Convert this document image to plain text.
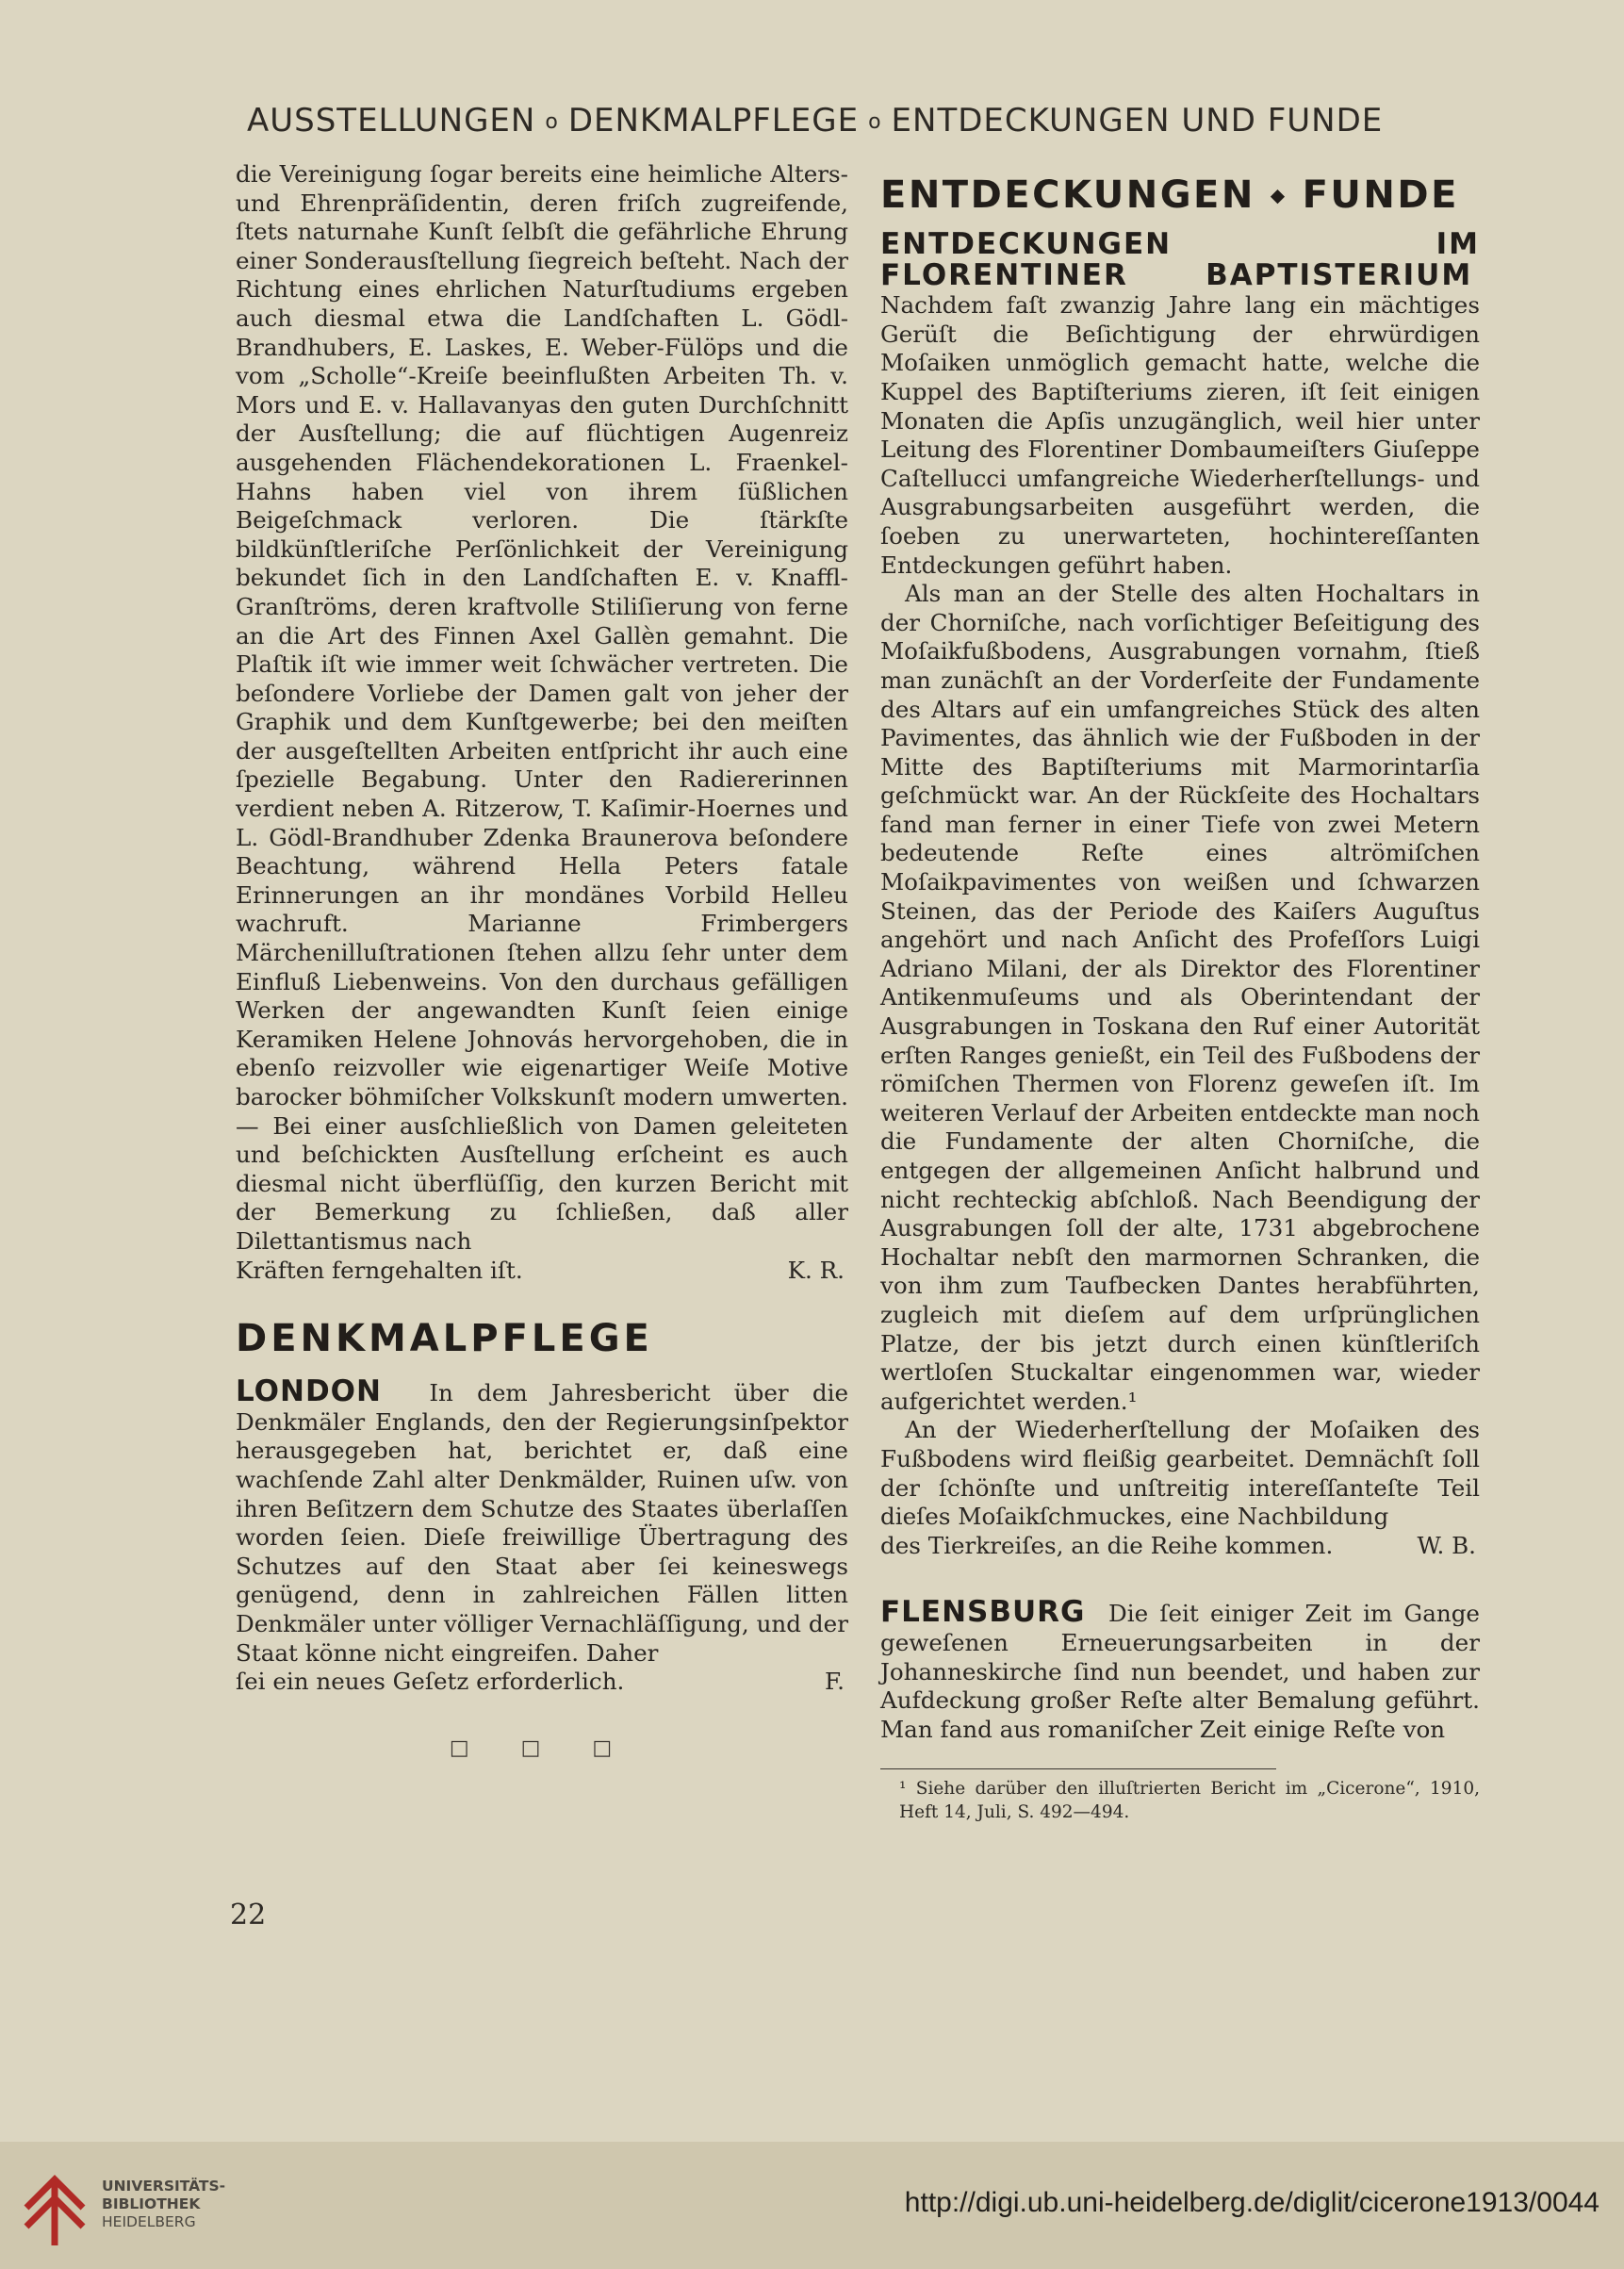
AUSSTELLUNGEN o DENKMALPFLEGE o ENTDECKUNGEN UND FUNDE

die Vereinigung ſogar bereits eine heimliche Alters- und Ehrenpräſidentin, deren friſch zugreifende, ſtets naturnahe Kunſt ſelbſt die gefährliche Ehrung einer Sonderausſtellung ſiegreich beſteht. Nach der Richtung eines ehrlichen Naturſtudiums ergeben auch diesmal etwa die Landſchaften L. Gödl-Brandhubers, E. Laskes, E. Weber-Fülöps und die vom „Scholle“-Kreiſe beeinflußten Arbeiten Th. v. Mors und E. v. Hallavanyas den guten Durchſchnitt der Ausſtellung; die auf flüchtigen Augenreiz ausgehenden Flächendekorationen L. Fraenkel-Hahns haben viel von ihrem ſüßlichen Beigeſchmack verloren. Die ſtärkſte bildkünſtleriſche Perſönlichkeit der Vereinigung bekundet ſich in den Landſchaften E. v. Knaffl-Granſtröms, deren kraftvolle Stiliſierung von ferne an die Art des Finnen Axel Gallèn gemahnt. Die Plaſtik iſt wie immer weit ſchwächer vertreten. Die beſondere Vorliebe der Damen galt von jeher der Graphik und dem Kunſtgewerbe; bei den meiſten der ausgeſtellten Arbeiten entſpricht ihr auch eine ſpezielle Begabung. Unter den Radiererinnen verdient neben A. Ritzerow, T. Kaſimir-Hoernes und L. Gödl-Brandhuber Zdenka Braunerova beſondere Beachtung, während Hella Peters fatale Erinnerungen an ihr mondänes Vorbild Helleu wachruft. Marianne Frimbergers Märchenilluſtrationen ſtehen allzu ſehr unter dem Einfluß Liebenweins. Von den durchaus gefälligen Werken der angewandten Kunſt ſeien einige Keramiken Helene Johnovás hervorgehoben, die in ebenſo reizvoller wie eigenartiger Weiſe Motive barocker böhmiſcher Volkskunſt modern umwerten. — Bei einer ausſchließlich von Damen geleiteten und beſchickten Ausſtellung erſcheint es auch diesmal nicht überflüſſig, den kurzen Bericht mit der Bemerkung zu ſchließen, daß aller Dilettantismus nach

Kräften ferngehalten iſt.	K. R.

DENKMALPFLEGE

LONDON In dem Jahresbericht über die Denkmäler Englands, den der Regierungsinſpektor herausgegeben hat, berichtet er, daß eine wachſende Zahl alter Denkmälder, Ruinen uſw. von ihren Beſitzern dem Schutze des Staates überlaſſen worden ſeien. Dieſe freiwillige Übertragung des Schutzes auf den Staat aber ſei keineswegs genügend, denn in zahlreichen Fällen litten Denkmäler unter völliger Vernachläſſigung, und der Staat könne nicht eingreifen. Daher

ſei ein neues Geſetz erforderlich.	F.

□ □ □
ENTDECKUNGEN ⬩ FUNDE

ENTDECKUNGEN IM FLORENTINER BAPTISTERIUM  Nachdem faſt zwanzig Jahre lang ein mächtiges Gerüſt die Beſichtigung der ehrwürdigen Moſaiken unmöglich gemacht hatte, welche die Kuppel des Baptiſteriums zieren, iſt ſeit einigen Monaten die Apſis unzugänglich, weil hier unter Leitung des Florentiner Dombaumeiſters Giuſeppe Caſtellucci umfangreiche Wiederherſtellungs- und Ausgrabungsarbeiten ausgeführt werden, die ſoeben zu unerwarteten, hochintereſſanten Entdeckungen geführt haben.

Als man an der Stelle des alten Hochaltars in der Chorniſche, nach vorſichtiger Beſeitigung des Moſaikfußbodens, Ausgrabungen vornahm, ſtieß man zunächſt an der Vorderſeite der Fundamente des Altars auf ein umfangreiches Stück des alten Pavimentes, das ähnlich wie der Fußboden in der Mitte des Baptiſteriums mit Marmorintarſia geſchmückt war. An der Rückſeite des Hochaltars fand man ferner in einer Tiefe von zwei Metern bedeutende Reſte eines altrömiſchen Moſaikpavimentes von weißen und ſchwarzen Steinen, das der Periode des Kaiſers Auguſtus angehört und nach Anſicht des Profeſſors Luigi Adriano Milani, der als Direktor des Florentiner Antikenmuſeums und als Oberintendant der Ausgrabungen in Toskana den Ruf einer Autorität erſten Ranges genießt, ein Teil des Fußbodens der römiſchen Thermen von Florenz geweſen iſt. Im weiteren Verlauf der Arbeiten entdeckte man noch die Fundamente der alten Chorniſche, die entgegen der allgemeinen Anſicht halbrund und nicht rechteckig abſchloß. Nach Beendigung der Ausgrabungen ſoll der alte, 1731 abgebrochene Hochaltar nebſt den marmornen Schranken, die von ihm zum Taufbecken Dantes herabführten, zugleich mit dieſem auf dem urſprünglichen Platze, der bis jetzt durch einen künſtleriſch wertloſen Stuckaltar eingenommen war, wieder aufgerichtet werden.¹

An der Wiederherſtellung der Moſaiken des Fußbodens wird fleißig gearbeitet. Demnächſt ſoll der ſchönſte und unſtreitig intereſſanteſte Teil dieſes Moſaikſchmuckes, eine Nachbildung

des Tierkreiſes, an die Reihe kommen.	W. B.

FLENSBURG Die ſeit einiger Zeit im Gange geweſenen Erneuerungsarbeiten in der Johanneskirche ſind nun beendet, und haben zur Aufdeckung großer Reſte alter Bemalung geführt. Man fand aus romaniſcher Zeit einige Reſte von

¹ Siehe darüber den illuſtrierten Bericht im „Cicerone“, 1910, Heft 14, Juli, S. 492—494.

22
UNIVERSITÄTS-
BIBLIOTHEK
HEIDELBERG
http://digi.ub.uni-heidelberg.de/diglit/cicerone1913/0044
